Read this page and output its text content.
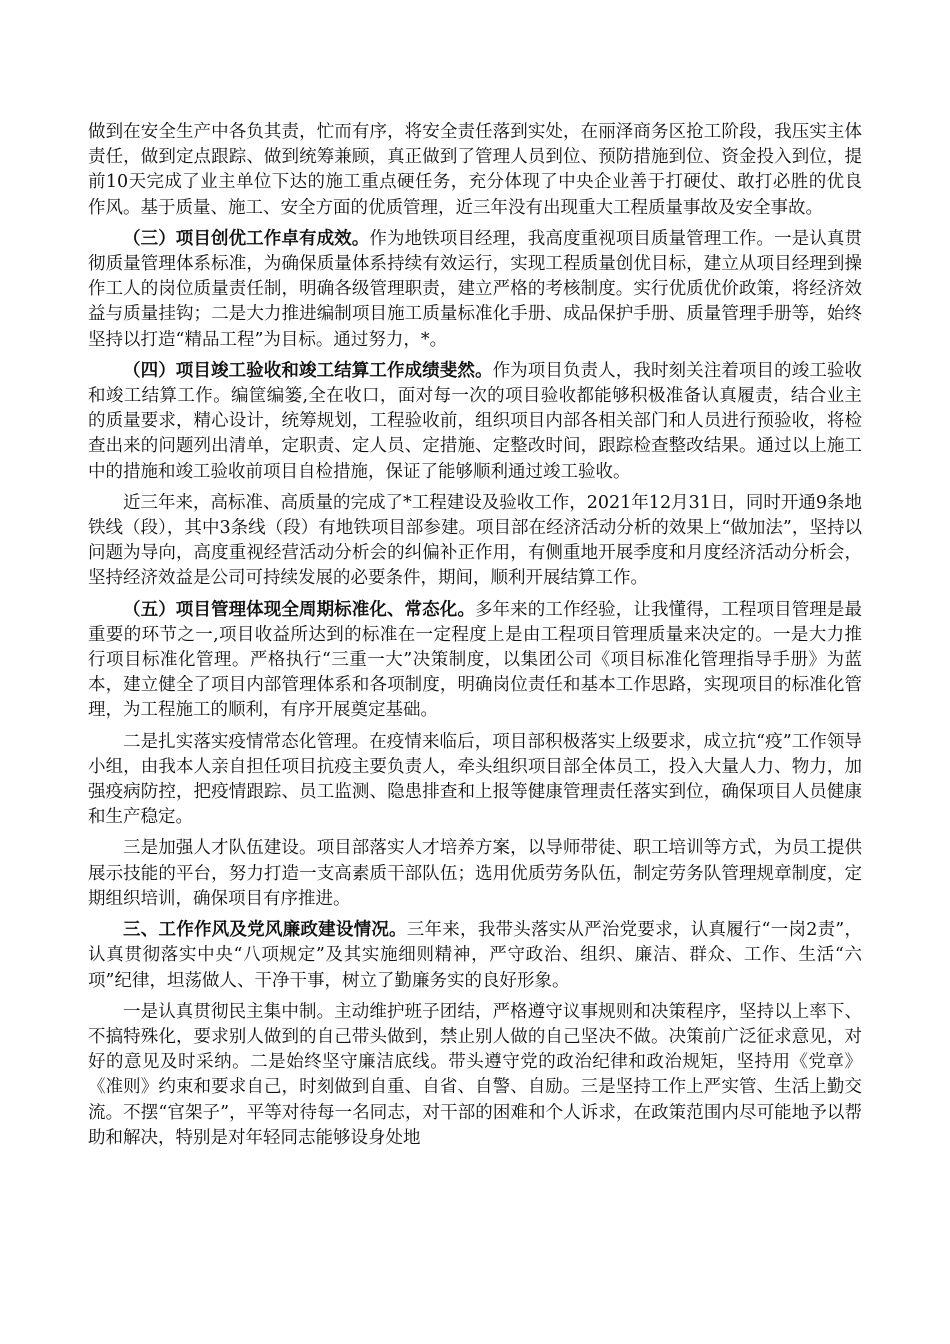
做到在安全生产中各负其责，忙而有序，将安全责任落到实处，在丽泽商务区抢工阶段，我压实主体责任，做到定点跟踪、做到统筹兼顾，真正做到了管理人员到位、预防措施到位、资金投入到位，提前10天完成了业主单位下达的施工重点硬任务，充分体现了中央企业善于打硬仗、敢打必胜的优良作风。基于质量、施工、安全方面的优质管理，近三年没有出现重大工程质量事故及安全事故。

（三）项目创优工作卓有成效。作为地铁项目经理，我高度重视项目质量管理工作。一是认真贯彻质量管理体系标准，为确保质量体系持续有效运行，实现工程质量创优目标，建立从项目经理到操作工人的岗位质量责任制，明确各级管理职责，建立严格的考核制度。实行优质优价政策，将经济效益与质量挂钩；二是大力推进编制项目施工质量标准化手册、成品保护手册、质量管理手册等，始终坚持以打造“精品工程”为目标。通过努力，*。

（四）项目竣工验收和竣工结算工作成绩斐然。作为项目负责人，我时刻关注着项目的竣工验收和竣工结算工作。编筐编篓,全在收口，面对每一次的项目验收都能够积极准备认真履责，结合业主的质量要求，精心设计，统筹规划，工程验收前，组织项目内部各相关部门和人员进行预验收，将检查出来的问题列出清单，定职责、定人员、定措施、定整改时间，跟踪检查整改结果。通过以上施工中的措施和竣工验收前项目自检措施，保证了能够顺利通过竣工验收。

近三年来，高标准、高质量的完成了*工程建设及验收工作，2021年12月31日，同时开通9条地铁线（段），其中3条线（段）有地铁项目部参建。项目部在经济活动分析的效果上“做加法”，坚持以问题为导向，高度重视经营活动分析会的纠偏补正作用，有侧重地开展季度和月度经济活动分析会，坚持经济效益是公司可持续发展的必要条件，期间，顺利开展结算工作。

（五）项目管理体现全周期标准化、常态化。多年来的工作经验，让我懂得，工程项目管理是最重要的环节之一,项目收益所达到的标准在一定程度上是由工程项目管理质量来决定的。一是大力推行项目标准化管理。严格执行“三重一大”决策制度，以集团公司《项目标准化管理指导手册》为蓝本，建立健全了项目内部管理体系和各项制度，明确岗位责任和基本工作思路，实现项目的标准化管理，为工程施工的顺利，有序开展奠定基础。

二是扎实落实疫情常态化管理。在疫情来临后，项目部积极落实上级要求，成立抗“疫”工作领导小组，由我本人亲自担任项目抗疫主要负责人，牵头组织项目部全体员工，投入大量人力、物力，加强疫病防控，把疫情跟踪、员工监测、隐患排查和上报等健康管理责任落实到位，确保项目人员健康和生产稳定。

三是加强人才队伍建设。项目部落实人才培养方案，以导师带徒、职工培训等方式，为员工提供展示技能的平台，努力打造一支高素质干部队伍；选用优质劳务队伍，制定劳务队管理规章制度，定期组织培训，确保项目有序推进。

三、工作作风及党风廉政建设情况。三年来，我带头落实从严治党要求，认真履行“一岗2责”，认真贯彻落实中央“八项规定”及其实施细则精神，严守政治、组织、廉洁、群众、工作、生活“六项”纪律，坦荡做人、干净干事，树立了勤廉务实的良好形象。

一是认真贯彻民主集中制。主动维护班子团结，严格遵守议事规则和决策程序，坚持以上率下、不搞特殊化，要求别人做到的自己带头做到，禁止别人做的自己坚决不做。决策前广泛征求意见，对好的意见及时采纳。二是始终坚守廉洁底线。带头遵守党的政治纪律和政治规矩，坚持用《党章》《准则》约束和要求自己，时刻做到自重、自省、自警、自励。三是坚持工作上严实管、生活上勤交流。不摆“官架子”，平等对待每一名同志，对干部的困难和个人诉求，在政策范围内尽可能地予以帮助和解决，特别是对年轻同志能够设身处地
